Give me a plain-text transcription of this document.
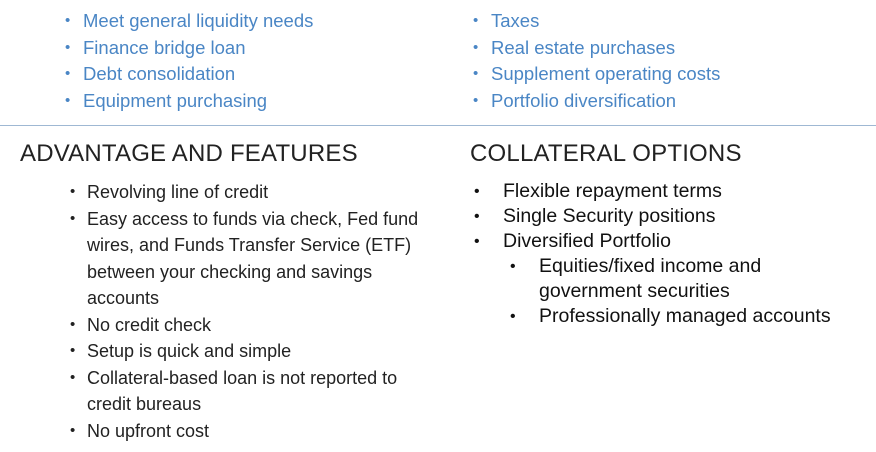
• Meet general liquidity needs
• Finance bridge loan
• Debt consolidation
• Equipment purchasing
• Taxes
• Real estate purchases
• Supplement operating costs
• Portfolio diversification
ADVANTAGE AND FEATURES	COLLATERAL OPTIONS
• Revolving line of credit
• Easy access to funds via check, Fed fund wires, and Funds Transfer Service (ETF) between your checking and savings accounts
• No credit check
• Setup is quick and simple
• Collateral-based loan is not reported to credit bureaus
• No upfront cost
• Flexible repayment terms
• Single Security positions
• Diversified Portfolio
• Equities/fixed income and government securities
• Professionally managed accounts
